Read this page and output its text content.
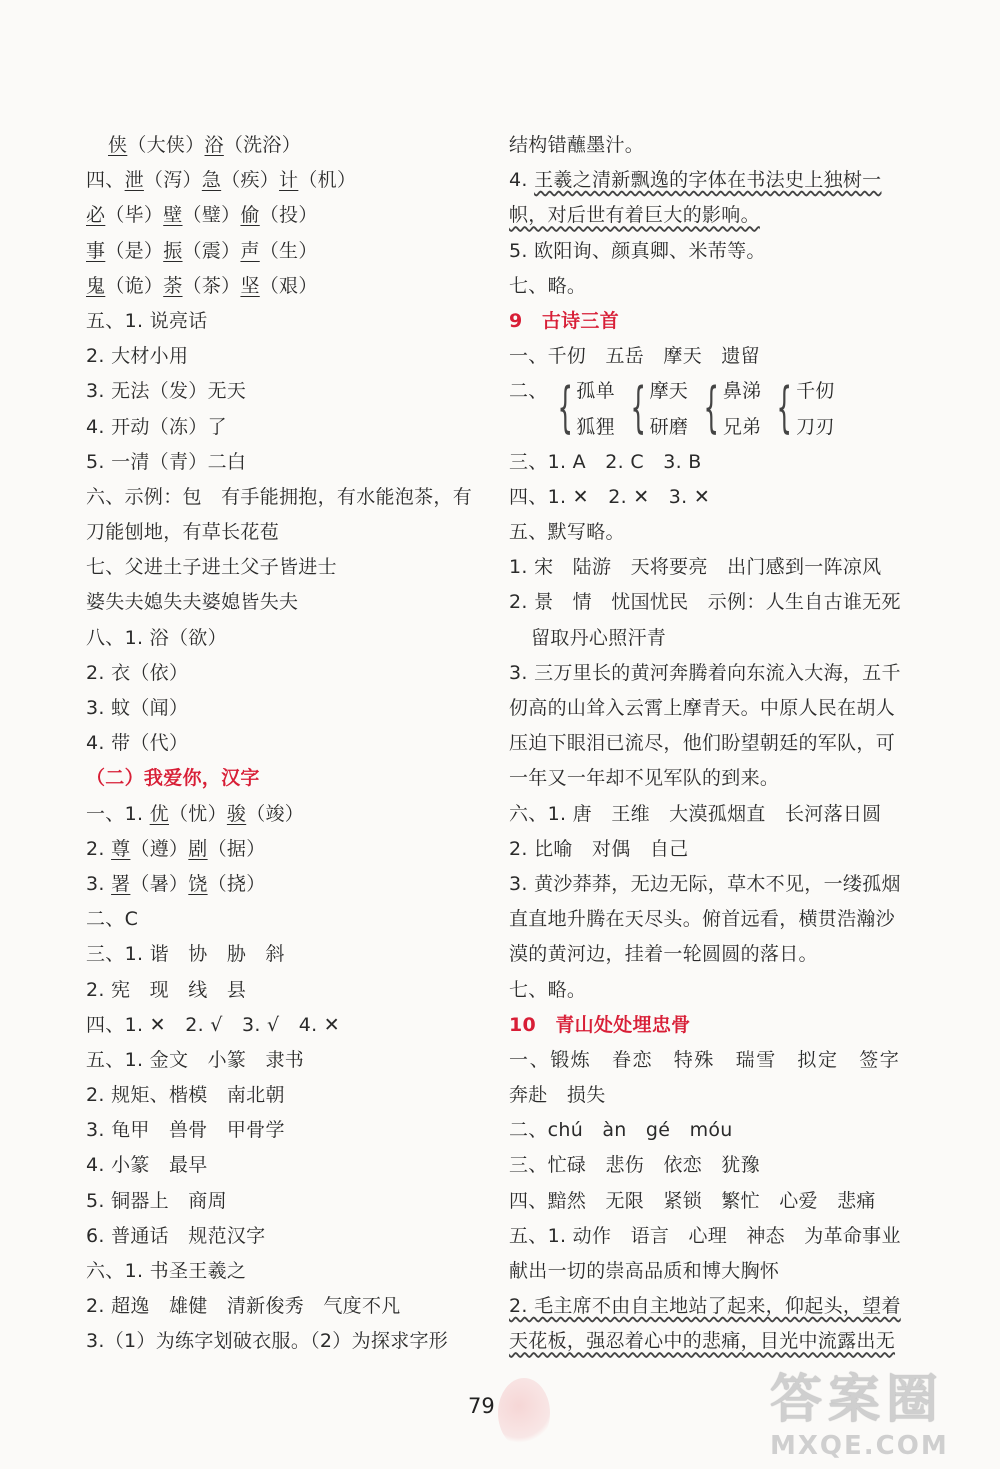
侠（大侠）浴（洗浴）
四、泄（泻）急（疾）计（机）
必（毕）壁（璧）偷（投）
事（是）振（震）声（生）
鬼（诡）荼（茶）坚（艰）
五、1. 说亮话
2. 大材小用
3. 无法（发）无天
4. 开动（冻）了
5. 一清（青）二白
六、示例：包　有手能拥抱，有水能泡茶，有
刀能刨地，有草长花苞
七、父进土子进土父子皆进士
婆失夫媳失夫婆媳皆失夫
八、1. 浴（欲）
2. 衣（依）
3. 蚊（闻）
4. 带（代）
（二）我爱你，汉字
一、1. 优（忧）骏（竣）
2. 尊（遵）剧（据）
3. 署（暑）饶（挠）
二、C
三、1. 谐　协　胁　斜
2. 宪　现　线　县
四、1. ✕　2. √　3. √　4. ✕
五、1. 金文　小篆　隶书
2. 规矩、楷模　南北朝
3. 龟甲　兽骨　甲骨学
4. 小篆　最早
5. 铜器上　商周
6. 普通话　规范汉字
六、1. 书圣王羲之
2. 超逸　雄健　清新俊秀　气度不凡
3.（1）为练字划破衣服。（2）为探求字形
结构错蘸墨汁。
4. 王羲之清新飘逸的字体在书法史上独树一
帜，对后世有着巨大的影响。
5. 欧阳询、颜真卿、米芾等。
七、略。
9　古诗三首
一、千仞　五岳　摩天　遗留
二、 { 孤单
狐狸 { 摩天
研磨 { 鼻涕
兄弟 { 千仞
刀刃
三、1. A　2. C　3. B
四、1. ✕　2. ✕　3. ✕
五、默写略。
1. 宋　陆游　天将要亮　出门感到一阵凉风
2. 景　情　忧国忧民　示例：人生自古谁无死
留取丹心照汗青
3. 三万里长的黄河奔腾着向东流入大海，五千
仞高的山耸入云霄上摩青天。中原人民在胡人
压迫下眼泪已流尽，他们盼望朝廷的军队，可
一年又一年却不见军队的到来。
六、1. 唐　王维　大漠孤烟直　长河落日圆
2. 比喻　对偶　自己
3. 黄沙莽莽，无边无际，草木不见，一缕孤烟
直直地升腾在天尽头。俯首远看，横贯浩瀚沙
漠的黄河边，挂着一轮圆圆的落日。
七、略。
10　青山处处埋忠骨
一、锻炼　眷恋　特殊　瑞雪　拟定　签字
奔赴　损失
二、chú　àn　gé　móu
三、忙碌　悲伤　依恋　犹豫
四、黯然　无限　紧锁　繁忙　心爱　悲痛
五、1. 动作　语言　心理　神态　为革命事业
献出一切的崇高品质和博大胸怀
2. 毛主席不由自主地站了起来，仰起头，望着
天花板，强忍着心中的悲痛，目光中流露出无
79	答案圈
MXQE.COM
